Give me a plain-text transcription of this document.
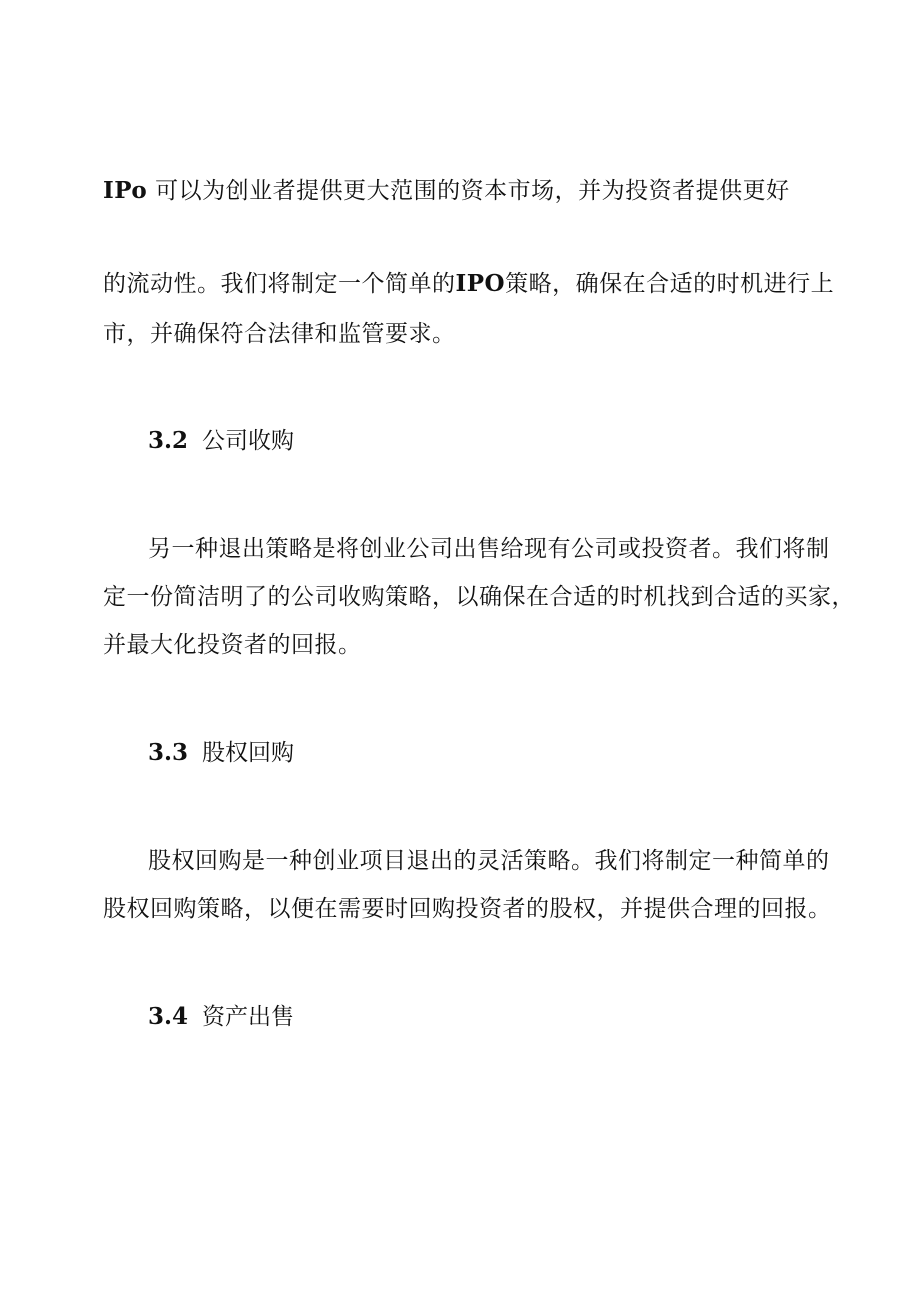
IPo 可以为创业者提供更大范围的资本市场，并为投资者提供更好
的流动性。我们将制定一个简单的IPO策略，确保在合适的时机进行上
市，并确保符合法律和监管要求。
3.2 公司收购
另一种退出策略是将创业公司出售给现有公司或投资者。我们将制
定一份简洁明了的公司收购策略，以确保在合适的时机找到合适的买家，
并最大化投资者的回报。
3.3 股权回购
股权回购是一种创业项目退出的灵活策略。我们将制定一种简单的
股权回购策略，以便在需要时回购投资者的股权，并提供合理的回报。
3.4 资产出售
